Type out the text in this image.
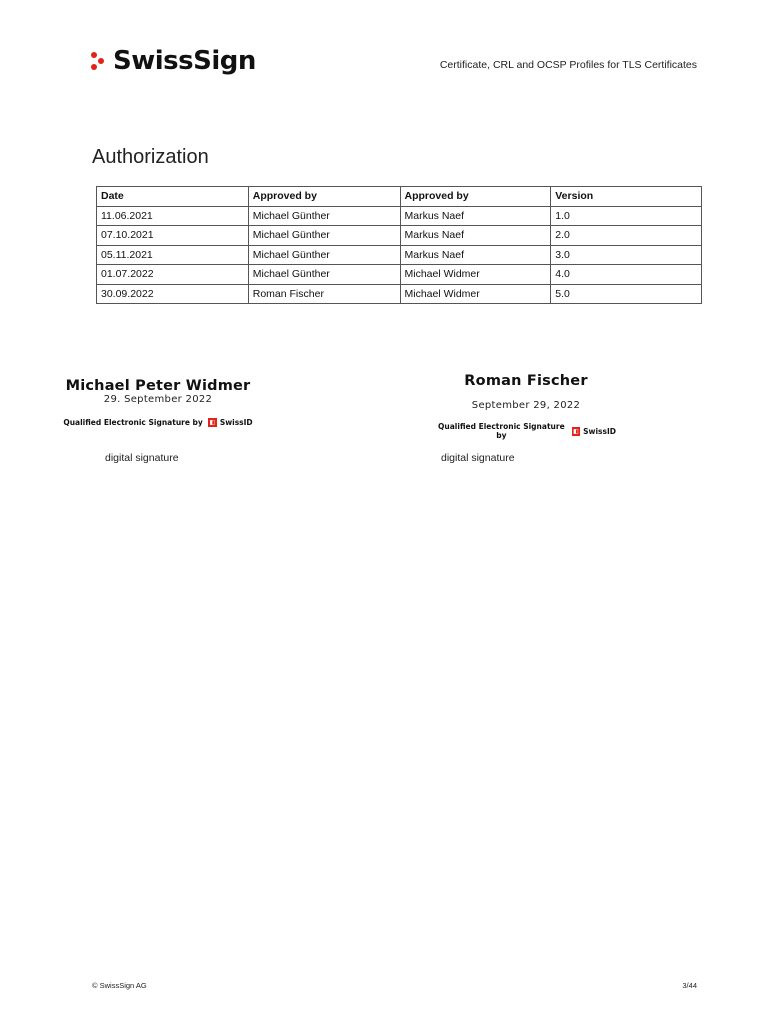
SwissSign	Certificate, CRL and OCSP Profiles for TLS Certificates
Authorization
Date	Approved by	Approved by	Version
11.06.2021	Michael Günther	Markus Naef	1.0
07.10.2021	Michael Günther	Markus Naef	2.0
05.11.2021	Michael Günther	Markus Naef	3.0
01.07.2022	Michael Günther	Michael Widmer	4.0
30.09.2022	Roman Fischer	Michael Widmer	5.0
Michael Peter Widmer
29. September 2022
Qualified Electronic Signature by ◧ SwissID
digital signature
Roman Fischer
September 29, 2022
Qualified Electronic Signature by	◧ SwissID
digital signature
© SwissSign AG	3/44
